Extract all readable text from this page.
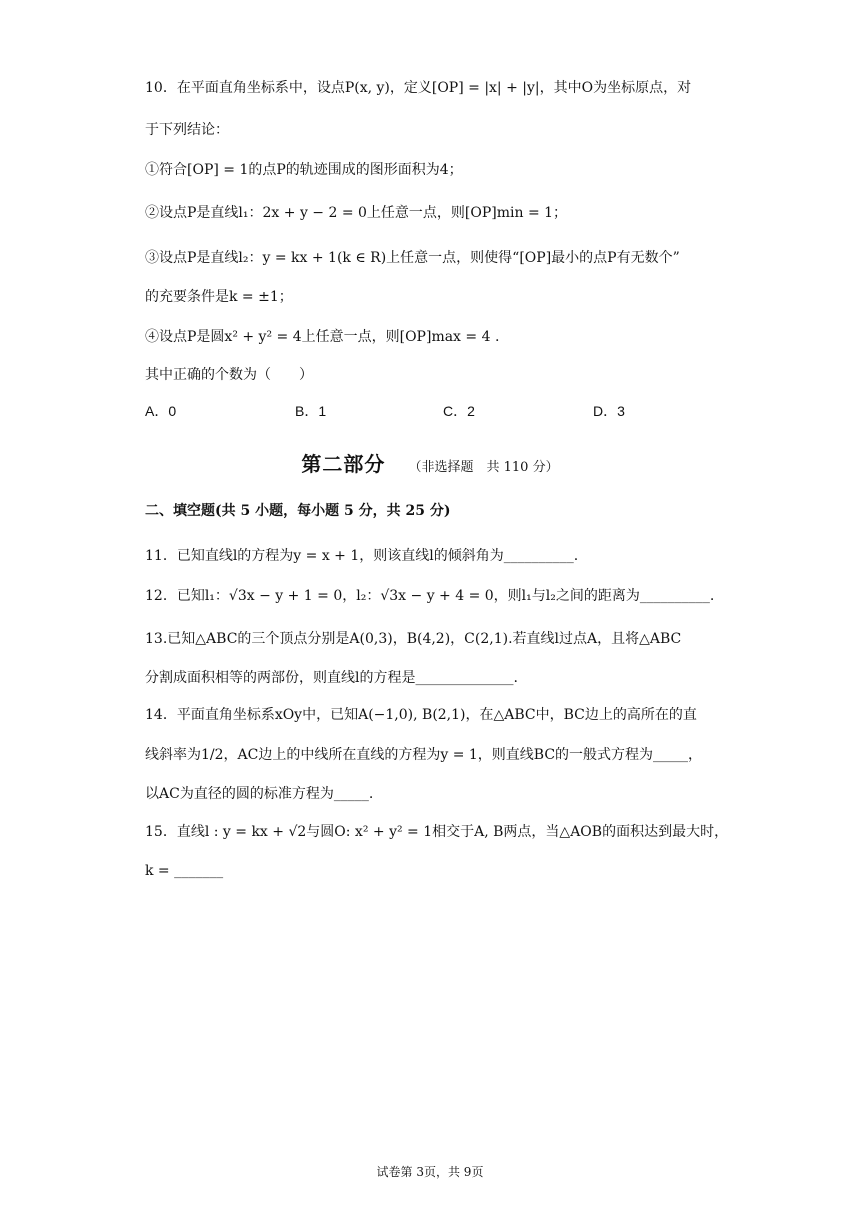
10．在平面直角坐标系中，设点P(x, y)，定义[OP] = |x| + |y|，其中O为坐标原点，对
于下列结论：
①符合[OP] = 1的点P的轨迹围成的图形面积为4；
②设点P是直线l₁：2x + y − 2 = 0上任意一点，则[OP]min = 1；
③设点P是直线l₂：y = kx + 1(k ∈ R)上任意一点，则使得“[OP]最小的点P有无数个”
的充要条件是k = ±1；
④设点P是圆x² + y² = 4上任意一点，则[OP]max = 4 .
其中正确的个数为（　　）
A．0	B．1	C．2	D．3
第二部分 （非选择题　共 110 分）
二、填空题(共 5 小题，每小题 5 分，共 25 分)
11．已知直线l的方程为y = x + 1，则该直线l的倾斜角为__________.
12．已知l₁：√3x − y + 1 = 0，l₂：√3x − y + 4 = 0，则l₁与l₂之间的距离为__________.
13.已知△ABC的三个顶点分别是A(0,3)，B(4,2)，C(2,1).若直线l过点A，且将△ABC
分割成面积相等的两部份，则直线l的方程是______________.
14．平面直角坐标系xOy中，已知A(−1,0), B(2,1)，在△ABC中，BC边上的高所在的直
线斜率为1/2，AC边上的中线所在直线的方程为y = 1，则直线BC的一般式方程为_____，
以AC为直径的圆的标准方程为_____.
15．直线l : y = kx + √2与圆O: x² + y² = 1相交于A, B两点，当△AOB的面积达到最大时，
k = _______
试卷第 3页，共 9页
